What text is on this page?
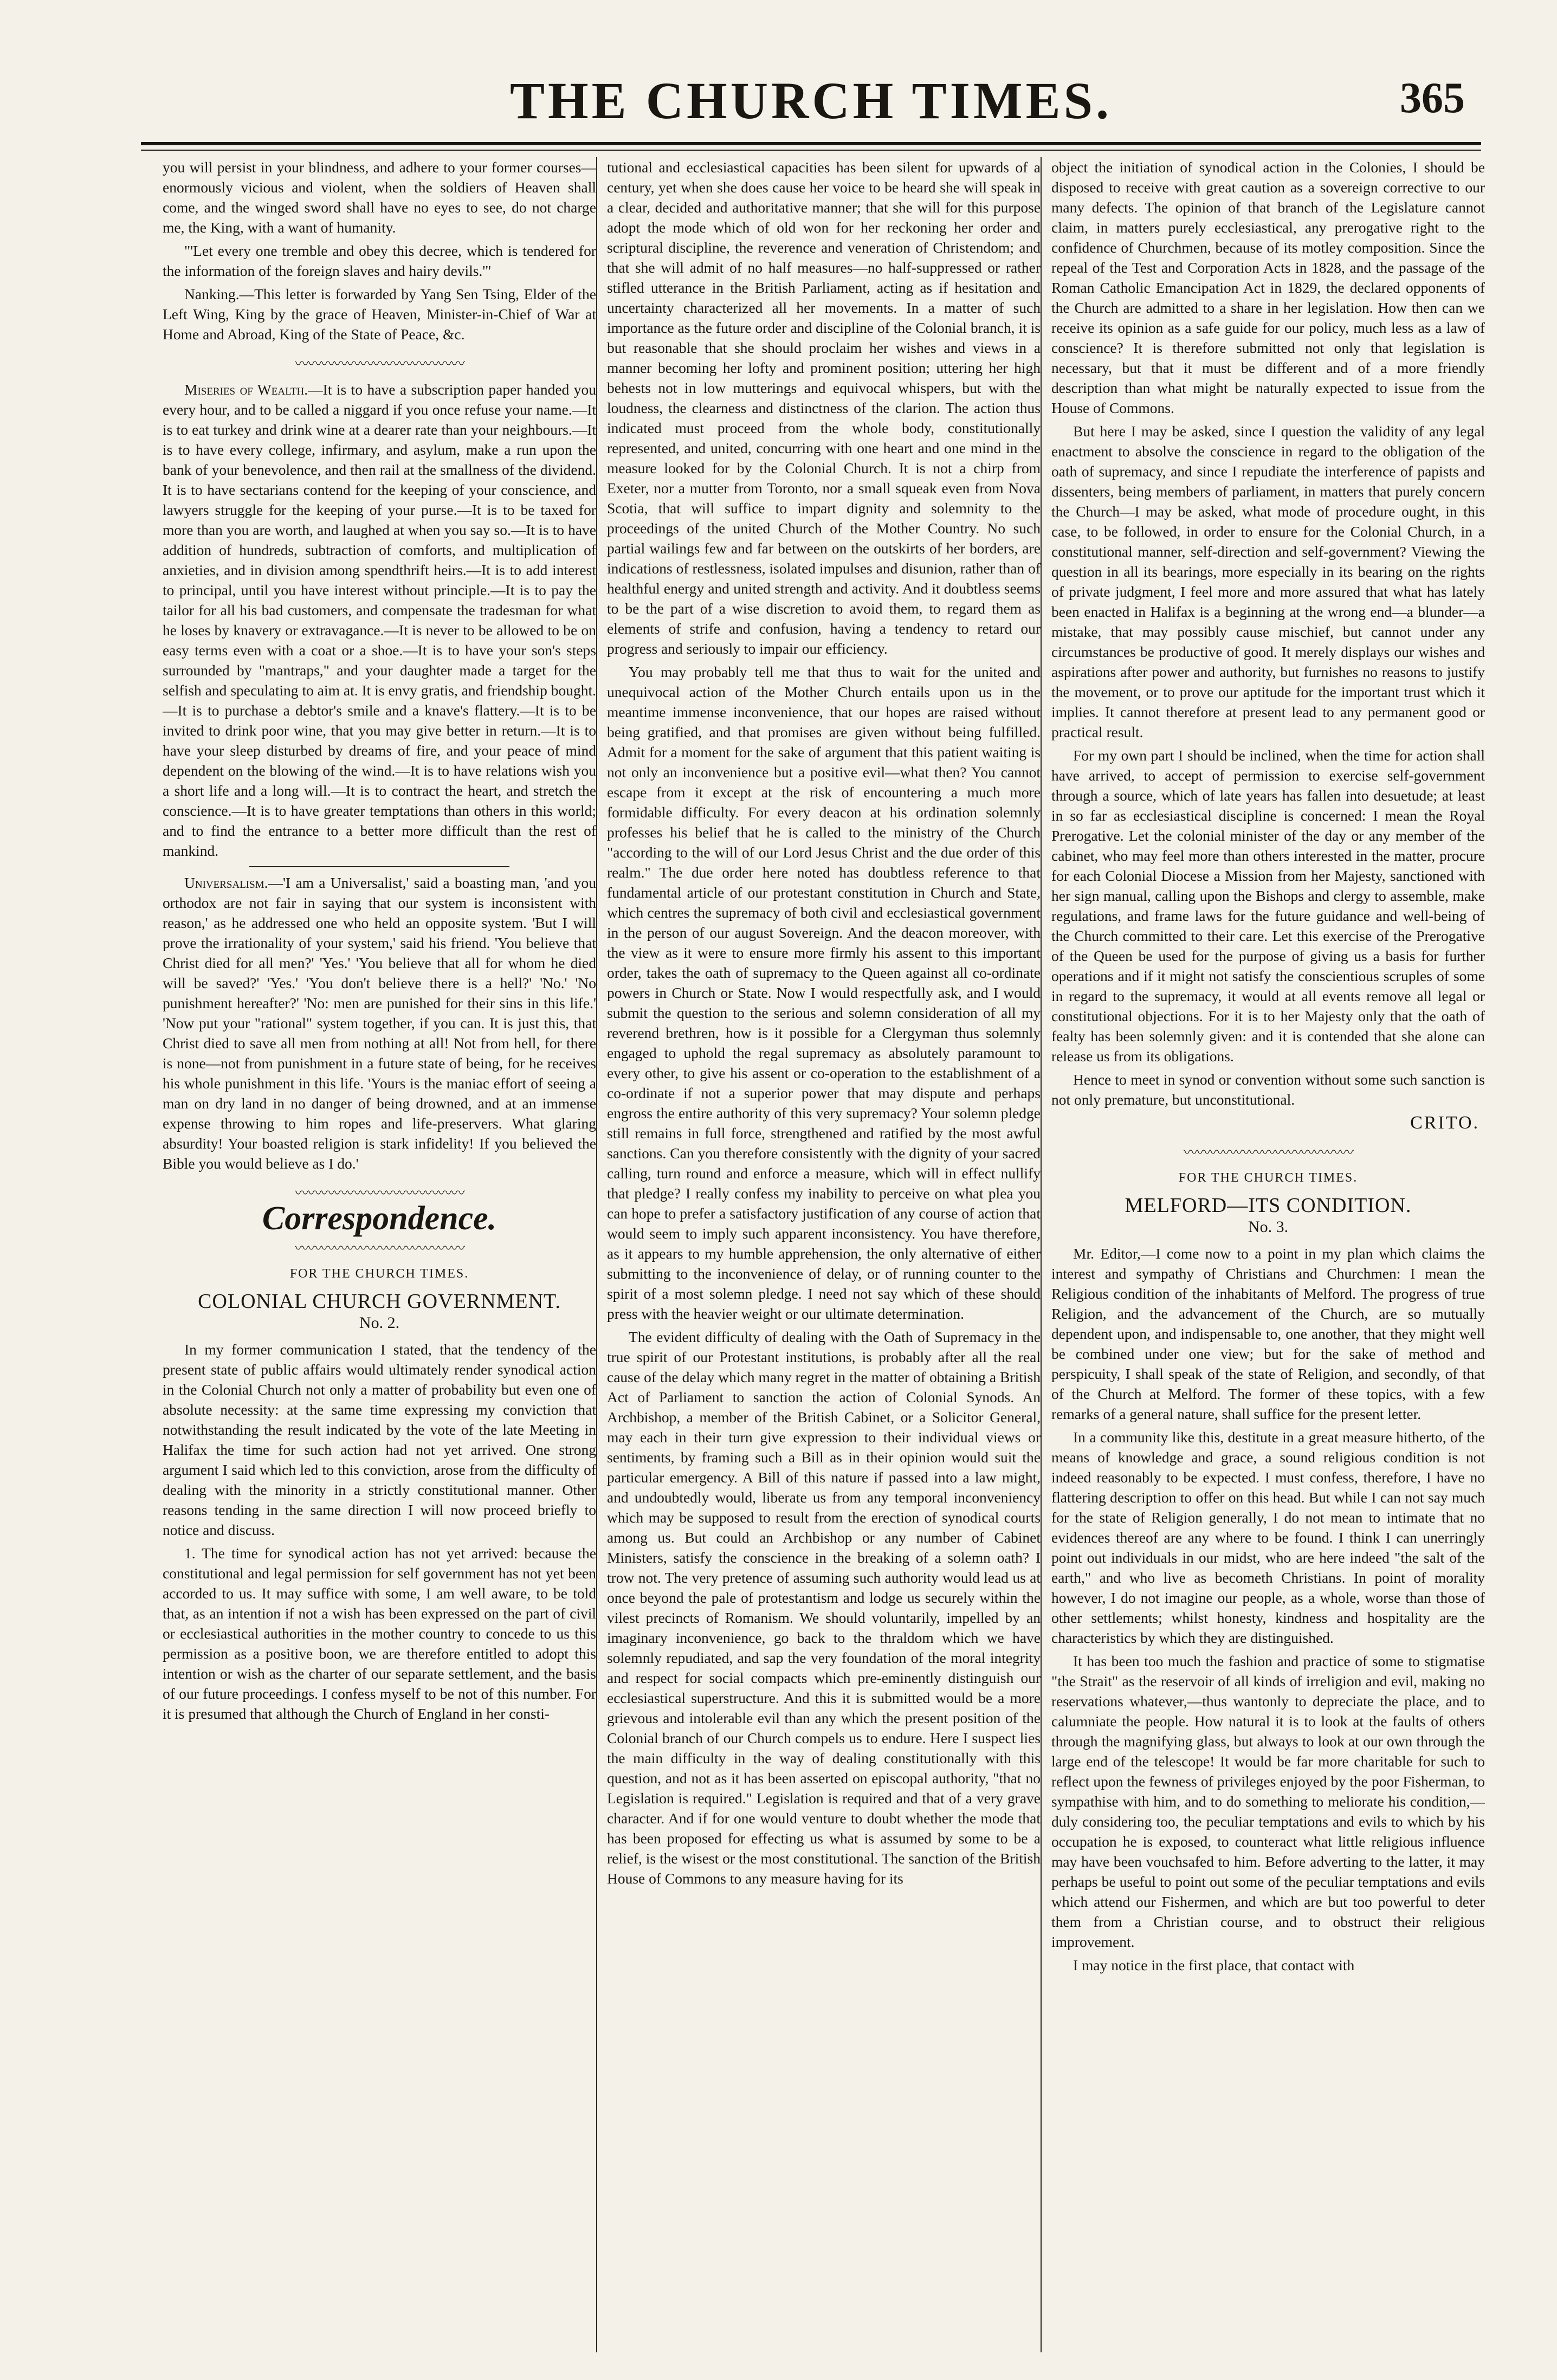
THE CHURCH TIMES.	365

you will persist in your blindness, and adhere to your former courses—enormously vicious and violent, when the soldiers of Heaven shall come, and the winged sword shall have no eyes to see, do not charge me, the King, with a want of humanity.

"'Let every one tremble and obey this decree, which is tendered for the information of the foreign slaves and hairy devils.'"

Nanking.—This letter is forwarded by Yang Sen Tsing, Elder of the Left Wing, King by the grace of Heaven, Minister-in-Chief of War at Home and Abroad, King of the State of Peace, &c.

〰〰〰〰〰〰〰〰〰〰〰〰〰

Miseries of Wealth.—It is to have a subscription paper handed you every hour, and to be called a niggard if you once refuse your name.—It is to eat turkey and drink wine at a dearer rate than your neighbours.—It is to have every college, infirmary, and asylum, make a run upon the bank of your benevolence, and then rail at the smallness of the dividend. It is to have sectarians contend for the keeping of your conscience, and lawyers struggle for the keeping of your purse.—It is to be taxed for more than you are worth, and laughed at when you say so.—It is to have addition of hundreds, subtraction of comforts, and multiplication of anxieties, and in division among spendthrift heirs.—It is to add interest to principal, until you have interest without principle.—It is to pay the tailor for all his bad customers, and compensate the tradesman for what he loses by knavery or extravagance.—It is never to be allowed to be on easy terms even with a coat or a shoe.—It is to have your son's steps surrounded by "mantraps," and your daughter made a target for the selfish and speculating to aim at. It is envy gratis, and friendship bought.—It is to purchase a debtor's smile and a knave's flattery.—It is to be invited to drink poor wine, that you may give better in return.—It is to have your sleep disturbed by dreams of fire, and your peace of mind dependent on the blowing of the wind.—It is to have relations wish you a short life and a long will.—It is to contract the heart, and stretch the conscience.—It is to have greater temptations than others in this world; and to find the entrance to a better more difficult than the rest of mankind.

Universalism.—'I am a Universalist,' said a boasting man, 'and you orthodox are not fair in saying that our system is inconsistent with reason,' as he addressed one who held an opposite system. 'But I will prove the irrationality of your system,' said his friend. 'You believe that Christ died for all men?' 'Yes.' 'You believe that all for whom he died will be saved?' 'Yes.' 'You don't believe there is a hell?' 'No.' 'No punishment hereafter?' 'No: men are punished for their sins in this life.' 'Now put your "rational" system together, if you can. It is just this, that Christ died to save all men from nothing at all! Not from hell, for there is none—not from punishment in a future state of being, for he receives his whole punishment in this life. 'Yours is the maniac effort of seeing a man on dry land in no danger of being drowned, and at an immense expense throwing to him ropes and life-preservers. What glaring absurdity! Your boasted religion is stark infidelity! If you believed the Bible you would believe as I do.'

〰〰〰〰〰〰〰〰〰〰〰〰〰
Correspondence.
〰〰〰〰〰〰〰〰〰〰〰〰〰
FOR THE CHURCH TIMES.
COLONIAL CHURCH GOVERNMENT.
No. 2.

In my former communication I stated, that the tendency of the present state of public affairs would ultimately render synodical action in the Colonial Church not only a matter of probability but even one of absolute necessity: at the same time expressing my conviction that notwithstanding the result indicated by the vote of the late Meeting in Halifax the time for such action had not yet arrived. One strong argument I said which led to this conviction, arose from the difficulty of dealing with the minority in a strictly constitutional manner. Other reasons tending in the same direction I will now proceed briefly to notice and discuss.

1. The time for synodical action has not yet arrived: because the constitutional and legal permission for self government has not yet been accorded to us. It may suffice with some, I am well aware, to be told that, as an intention if not a wish has been expressed on the part of civil or ecclesiastical authorities in the mother country to concede to us this permission as a positive boon, we are therefore entitled to adopt this intention or wish as the charter of our separate settlement, and the basis of our future proceedings. I confess myself to be not of this number. For it is presumed that although the Church of England in her consti-

tutional and ecclesiastical capacities has been silent for upwards of a century, yet when she does cause her voice to be heard she will speak in a clear, decided and authoritative manner; that she will for this purpose adopt the mode which of old won for her reckoning her order and scriptural discipline, the reverence and veneration of Christendom; and that she will admit of no half measures—no half-suppressed or rather stifled utterance in the British Parliament, acting as if hesitation and uncertainty characterized all her movements. In a matter of such importance as the future order and discipline of the Colonial branch, it is but reasonable that she should proclaim her wishes and views in a manner becoming her lofty and prominent position; uttering her high behests not in low mutterings and equivocal whispers, but with the loudness, the clearness and distinctness of the clarion. The action thus indicated must proceed from the whole body, constitutionally represented, and united, concurring with one heart and one mind in the measure looked for by the Colonial Church. It is not a chirp from Exeter, nor a mutter from Toronto, nor a small squeak even from Nova Scotia, that will suffice to impart dignity and solemnity to the proceedings of the united Church of the Mother Country. No such partial wailings few and far between on the outskirts of her borders, are indications of restlessness, isolated impulses and disunion, rather than of healthful energy and united strength and activity. And it doubtless seems to be the part of a wise discretion to avoid them, to regard them as elements of strife and confusion, having a tendency to retard our progress and seriously to impair our efficiency.

You may probably tell me that thus to wait for the united and unequivocal action of the Mother Church entails upon us in the meantime immense inconvenience, that our hopes are raised without being gratified, and that promises are given without being fulfilled. Admit for a moment for the sake of argument that this patient waiting is not only an inconvenience but a positive evil—what then? You cannot escape from it except at the risk of encountering a much more formidable difficulty. For every deacon at his ordination solemnly professes his belief that he is called to the ministry of the Church "according to the will of our Lord Jesus Christ and the due order of this realm." The due order here noted has doubtless reference to that fundamental article of our protestant constitution in Church and State, which centres the supremacy of both civil and ecclesiastical government in the person of our august Sovereign. And the deacon moreover, with the view as it were to ensure more firmly his assent to this important order, takes the oath of supremacy to the Queen against all co-ordinate powers in Church or State. Now I would respectfully ask, and I would submit the question to the serious and solemn consideration of all my reverend brethren, how is it possible for a Clergyman thus solemnly engaged to uphold the regal supremacy as absolutely paramount to every other, to give his assent or co-operation to the establishment of a co-ordinate if not a superior power that may dispute and perhaps engross the entire authority of this very supremacy? Your solemn pledge still remains in full force, strengthened and ratified by the most awful sanctions. Can you therefore consistently with the dignity of your sacred calling, turn round and enforce a measure, which will in effect nullify that pledge? I really confess my inability to perceive on what plea you can hope to prefer a satisfactory justification of any course of action that would seem to imply such apparent inconsistency. You have therefore, as it appears to my humble apprehension, the only alternative of either submitting to the inconvenience of delay, or of running counter to the spirit of a most solemn pledge. I need not say which of these should press with the heavier weight or our ultimate determination.

The evident difficulty of dealing with the Oath of Supremacy in the true spirit of our Protestant institutions, is probably after all the real cause of the delay which many regret in the matter of obtaining a British Act of Parliament to sanction the action of Colonial Synods. An Archbishop, a member of the British Cabinet, or a Solicitor General, may each in their turn give expression to their individual views or sentiments, by framing such a Bill as in their opinion would suit the particular emergency. A Bill of this nature if passed into a law might, and undoubtedly would, liberate us from any temporal inconveniency which may be supposed to result from the erection of synodical courts among us. But could an Archbishop or any number of Cabinet Ministers, satisfy the conscience in the breaking of a solemn oath? I trow not. The very pretence of assuming such authority would lead us at once beyond the pale of protestantism and lodge us securely within the vilest precincts of Romanism. We should voluntarily, impelled by an imaginary inconvenience, go back to the thraldom which we have solemnly repudiated, and sap the very foundation of the moral integrity and respect for social compacts which pre-eminently distinguish our ecclesiastical superstructure. And this it is submitted would be a more grievous and intolerable evil than any which the present position of the Colonial branch of our Church compels us to endure. Here I suspect lies the main difficulty in the way of dealing constitutionally with this question, and not as it has been asserted on episcopal authority, "that no Legislation is required." Legislation is required and that of a very grave character. And if for one would venture to doubt whether the mode that has been proposed for effecting us what is assumed by some to be a relief, is the wisest or the most constitutional. The sanction of the British House of Commons to any measure having for its

object the initiation of synodical action in the Colonies, I should be disposed to receive with great caution as a sovereign corrective to our many defects. The opinion of that branch of the Legislature cannot claim, in matters purely ecclesiastical, any prerogative right to the confidence of Churchmen, because of its motley composition. Since the repeal of the Test and Corporation Acts in 1828, and the passage of the Roman Catholic Emancipation Act in 1829, the declared opponents of the Church are admitted to a share in her legislation. How then can we receive its opinion as a safe guide for our policy, much less as a law of conscience? It is therefore submitted not only that legislation is necessary, but that it must be different and of a more friendly description than what might be naturally expected to issue from the House of Commons.

But here I may be asked, since I question the validity of any legal enactment to absolve the conscience in regard to the obligation of the oath of supremacy, and since I repudiate the interference of papists and dissenters, being members of parliament, in matters that purely concern the Church—I may be asked, what mode of procedure ought, in this case, to be followed, in order to ensure for the Colonial Church, in a constitutional manner, self-direction and self-government? Viewing the question in all its bearings, more especially in its bearing on the rights of private judgment, I feel more and more assured that what has lately been enacted in Halifax is a beginning at the wrong end—a blunder—a mistake, that may possibly cause mischief, but cannot under any circumstances be productive of good. It merely displays our wishes and aspirations after power and authority, but furnishes no reasons to justify the movement, or to prove our aptitude for the important trust which it implies. It cannot therefore at present lead to any permanent good or practical result.

For my own part I should be inclined, when the time for action shall have arrived, to accept of permission to exercise self-government through a source, which of late years has fallen into desuetude; at least in so far as ecclesiastical discipline is concerned: I mean the Royal Prerogative. Let the colonial minister of the day or any member of the cabinet, who may feel more than others interested in the matter, procure for each Colonial Diocese a Mission from her Majesty, sanctioned with her sign manual, calling upon the Bishops and clergy to assemble, make regulations, and frame laws for the future guidance and well-being of the Church committed to their care. Let this exercise of the Prerogative of the Queen be used for the purpose of giving us a basis for further operations and if it might not satisfy the conscientious scruples of some in regard to the supremacy, it would at all events remove all legal or constitutional objections. For it is to her Majesty only that the oath of fealty has been solemnly given: and it is contended that she alone can release us from its obligations.

Hence to meet in synod or convention without some such sanction is not only premature, but unconstitutional.

CRITO.
〰〰〰〰〰〰〰〰〰〰〰〰〰
FOR THE CHURCH TIMES.
MELFORD—ITS CONDITION.
No. 3.

Mr. Editor,—I come now to a point in my plan which claims the interest and sympathy of Christians and Churchmen: I mean the Religious condition of the inhabitants of Melford. The progress of true Religion, and the advancement of the Church, are so mutually dependent upon, and indispensable to, one another, that they might well be combined under one view; but for the sake of method and perspicuity, I shall speak of the state of Religion, and secondly, of that of the Church at Melford. The former of these topics, with a few remarks of a general nature, shall suffice for the present letter.

In a community like this, destitute in a great measure hitherto, of the means of knowledge and grace, a sound religious condition is not indeed reasonably to be expected. I must confess, therefore, I have no flattering description to offer on this head. But while I can not say much for the state of Religion generally, I do not mean to intimate that no evidences thereof are any where to be found. I think I can unerringly point out individuals in our midst, who are here indeed "the salt of the earth," and who live as becometh Christians. In point of morality however, I do not imagine our people, as a whole, worse than those of other settlements; whilst honesty, kindness and hospitality are the characteristics by which they are distinguished.

It has been too much the fashion and practice of some to stigmatise "the Strait" as the reservoir of all kinds of irreligion and evil, making no reservations whatever,—thus wantonly to depreciate the place, and to calumniate the people. How natural it is to look at the faults of others through the magnifying glass, but always to look at our own through the large end of the telescope! It would be far more charitable for such to reflect upon the fewness of privileges enjoyed by the poor Fisherman, to sympathise with him, and to do something to meliorate his condition,—duly considering too, the peculiar temptations and evils to which by his occupation he is exposed, to counteract what little religious influence may have been vouchsafed to him. Before adverting to the latter, it may perhaps be useful to point out some of the peculiar temptations and evils which attend our Fishermen, and which are but too powerful to deter them from a Christian course, and to obstruct their religious improvement.

I may notice in the first place, that contact with
